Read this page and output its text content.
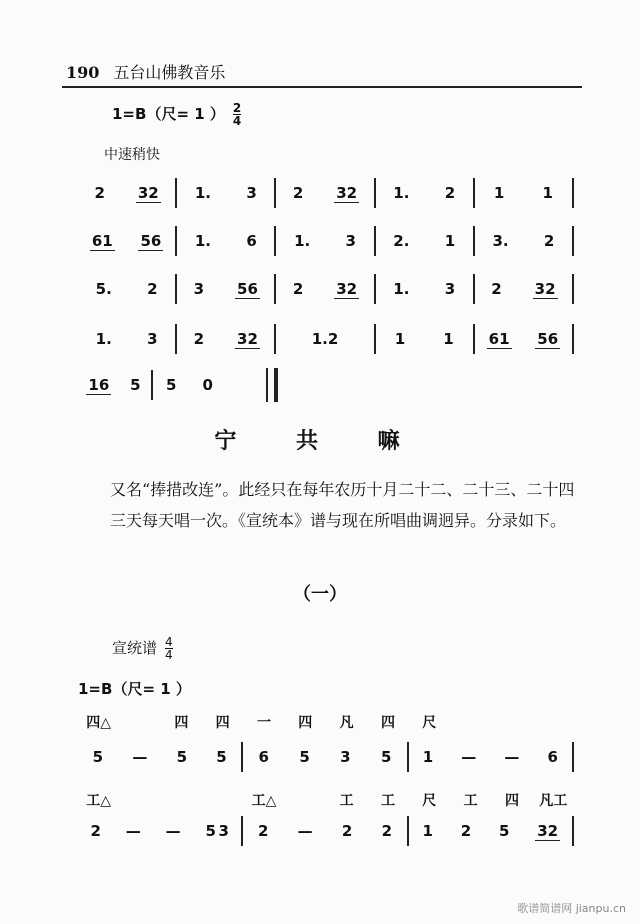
190 五台山佛教音乐
1=B（尺= 1 ） $\frac{2}{4}$
中速稍快
宁 共 嘛
又名“捧措改连”。此经只在每年农历十月二十二、二十三、二十四三天每天唱一次。《宣统本》谱与现在所唱曲调迥异。分录如下。
（一）
宣统谱 $\frac{4}{4}$
1=B（尺= 1 ）
歌谱简谱网 jianpu.cn
2 32 1. 3 2 32 1. 2	1	1
61 56 1. 6 1. 3 2. 1 3. 2
5. 2 3 56 2 32 1. 3 2 32
1. 3 2 32	1.2	1	1 61 56
16 5 5 0
四△	四	四	一	四	凡	四	尺
5 — 5 5 6 5 3 5 1 — — 6
工△	工△	工	工	尺	工	四	凡工
2 — — 5 3 2 — 2 2 1 2 5 32
